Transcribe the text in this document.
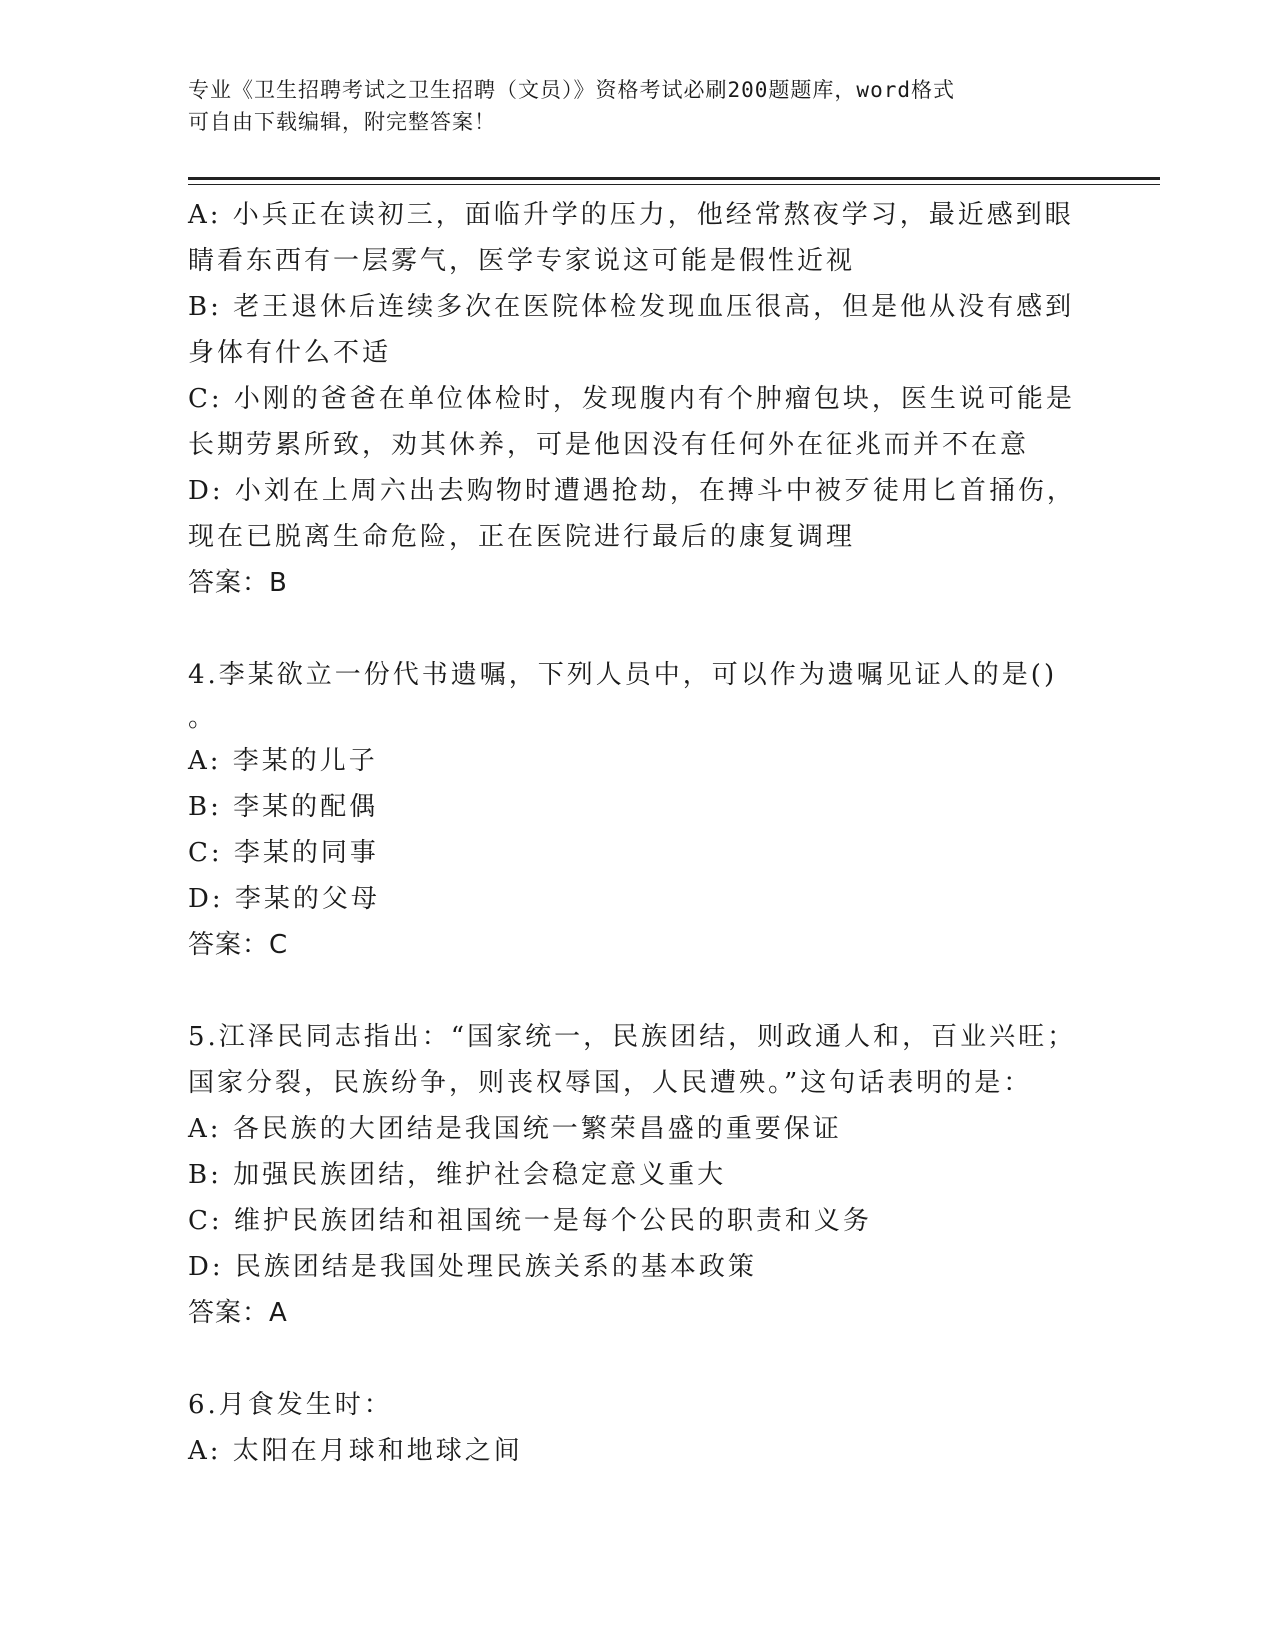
专业《卫生招聘考试之卫生招聘（文员）》资格考试必刷200题题库，word格式
可自由下载编辑，附完整答案！
A: 小兵正在读初三，面临升学的压力，他经常熬夜学习，最近感到眼
睛看东西有一层雾气，医学专家说这可能是假性近视
B: 老王退休后连续多次在医院体检发现血压很高，但是他从没有感到
身体有什么不适
C: 小刚的爸爸在单位体检时，发现腹内有个肿瘤包块，医生说可能是
长期劳累所致，劝其休养，可是他因没有任何外在征兆而并不在意
D: 小刘在上周六出去购物时遭遇抢劫，在搏斗中被歹徒用匕首捅伤，
现在已脱离生命危险，正在医院进行最后的康复调理
答案：B
4.李某欲立一份代书遗嘱，下列人员中，可以作为遗嘱见证人的是()
。
A: 李某的儿子
B: 李某的配偶
C: 李某的同事
D: 李某的父母
答案：C
5.江泽民同志指出：“国家统一，民族团结，则政通人和，百业兴旺；
国家分裂，民族纷争，则丧权辱国，人民遭殃。”这句话表明的是：
A: 各民族的大团结是我国统一繁荣昌盛的重要保证
B: 加强民族团结，维护社会稳定意义重大
C: 维护民族团结和祖国统一是每个公民的职责和义务
D: 民族团结是我国处理民族关系的基本政策
答案：A
6.月食发生时：
A: 太阳在月球和地球之间
